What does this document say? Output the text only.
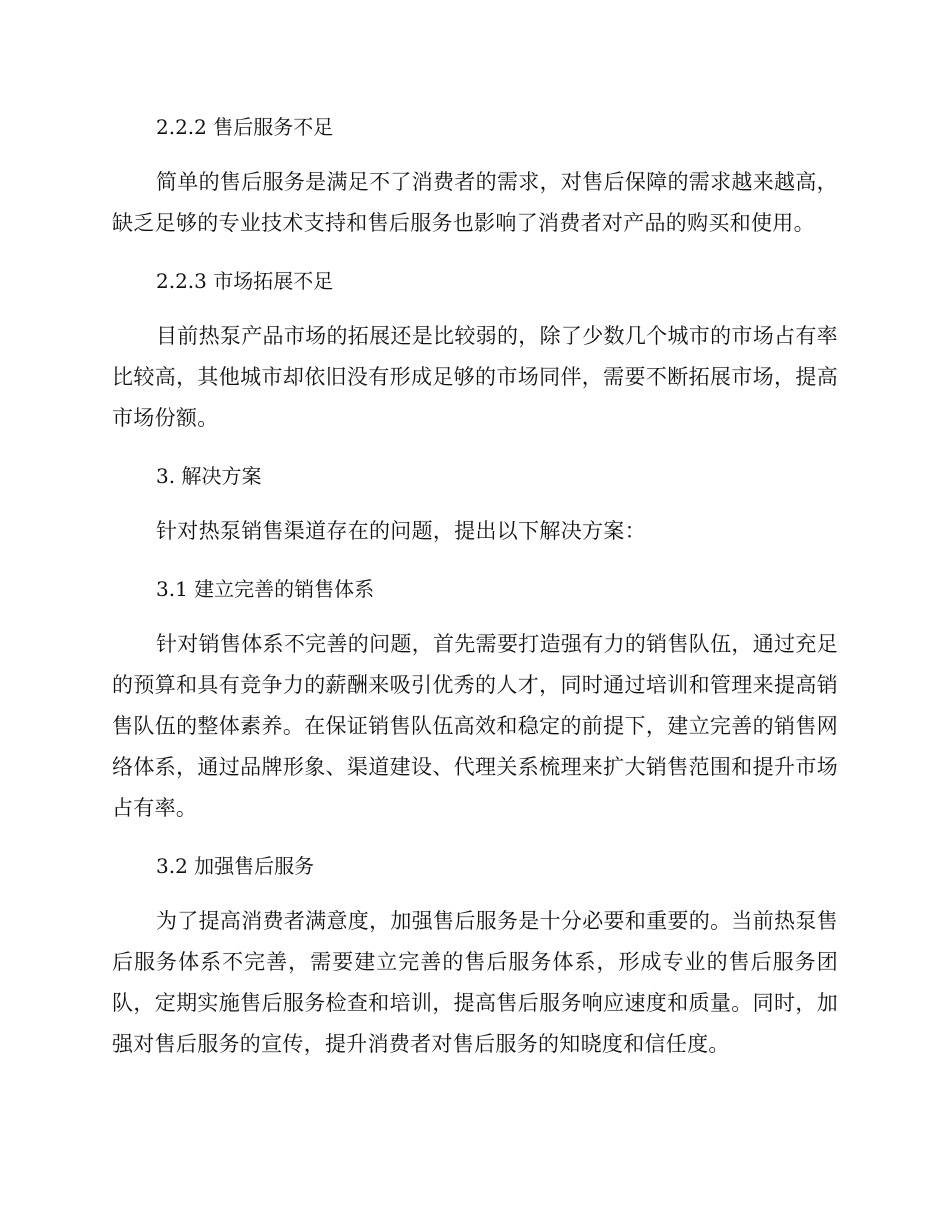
2.2.2 售后服务不足

简单的售后服务是满足不了消费者的需求，对售后保障的需求越来越高，缺乏足够的专业技术支持和售后服务也影响了消费者对产品的购买和使用。

2.2.3 市场拓展不足

目前热泵产品市场的拓展还是比较弱的，除了少数几个城市的市场占有率比较高，其他城市却依旧没有形成足够的市场同伴，需要不断拓展市场，提高市场份额。

3. 解决方案

针对热泵销售渠道存在的问题，提出以下解决方案：

3.1 建立完善的销售体系

针对销售体系不完善的问题，首先需要打造强有力的销售队伍，通过充足的预算和具有竞争力的薪酬来吸引优秀的人才，同时通过培训和管理来提高销售队伍的整体素养。在保证销售队伍高效和稳定的前提下，建立完善的销售网络体系，通过品牌形象、渠道建设、代理关系梳理来扩大销售范围和提升市场占有率。

3.2 加强售后服务

为了提高消费者满意度，加强售后服务是十分必要和重要的。当前热泵售后服务体系不完善，需要建立完善的售后服务体系，形成专业的售后服务团队，定期实施售后服务检查和培训，提高售后服务响应速度和质量。同时，加强对售后服务的宣传，提升消费者对售后服务的知晓度和信任度。
